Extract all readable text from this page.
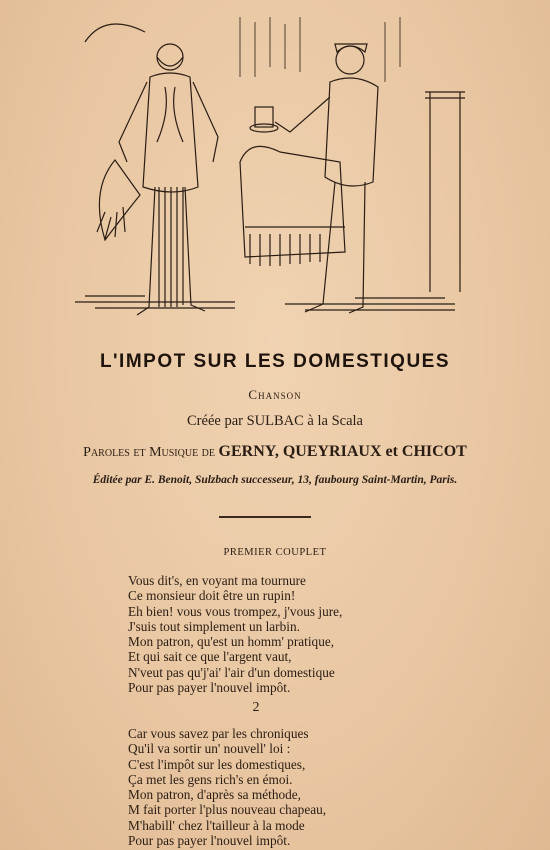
L'IMPOT SUR LES DOMESTIQUES
Chanson
Créée par SULBAC à la Scala
Paroles et Musique de GERNY, QUEYRIAUX et CHICOT
Éditée par E. Benoit, Sulzbach successeur, 13, faubourg Saint-Martin, Paris.
PREMIER COUPLET
Vous dit's, en voyant ma tournure
Ce monsieur doit être un rupin!
Eh bien! vous vous trompez, j'vous jure,
J'suis tout simplement un larbin.
Mon patron, qu'est un homm' pratique,
Et qui sait ce que l'argent vaut,
N'veut pas qu'j'ai' l'air d'un domestique
Pour pas payer l'nouvel impôt.
2
Car vous savez par les chroniques
Qu'il va sortir un' nouvell' loi :
C'est l'impôt sur les domestiques,
Ça met les gens rich's en émoi.
Mon patron, d'après sa méthode,
M fait porter l'plus nouveau chapeau,
M'habill' chez l'tailleur à la mode
Pour pas payer l'nouvel impôt.
